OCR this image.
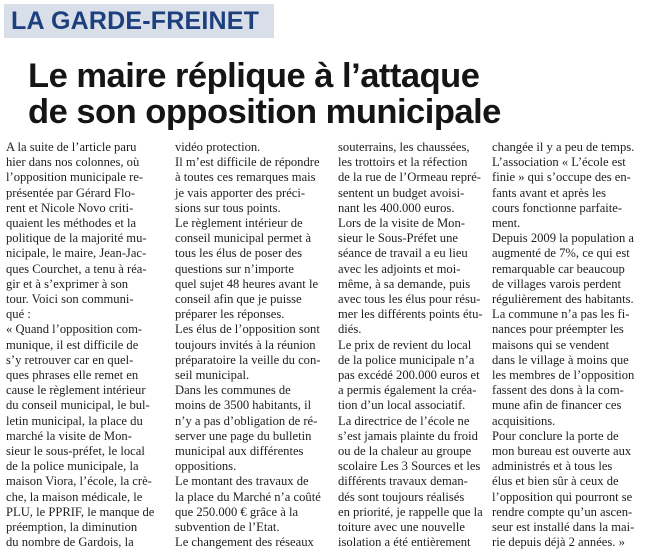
LA GARDE-FREINET
Le maire réplique à l’attaque
de son opposition municipale
A la suite de l’article paru
hier dans nos colonnes, où
l’opposition municipale re-
présentée par Gérard Flo-
rent et Nicole Novo criti-
quaient les méthodes et la
politique de la majorité mu-
nicipale, le maire, Jean-Jac-
ques Courchet, a tenu à réa-
gir et à s’exprimer à son
tour. Voici son communi-
qué :
« Quand l’opposition com-
munique, il est difficile de
s’y retrouver car en quel-
ques phrases elle remet en
cause le règlement intérieur
du conseil municipal, le bul-
letin municipal, la place du
marché la visite de Mon-
sieur le sous-préfet, le local
de la police municipale, la
maison Viora, l’école, la crè-
che, la maison médicale, le
PLU, le PPRIF, le manque de
préemption, la diminution
du nombre de Gardois, la
vidéo protection.
Il m’est difficile de répondre
à toutes ces remarques mais
je vais apporter des préci-
sions sur tous points.
Le règlement intérieur de
conseil municipal permet à
tous les élus de poser des
questions sur n’importe
quel sujet 48 heures avant le
conseil afin que je puisse
préparer les réponses.
Les élus de l’opposition sont
toujours invités à la réunion
préparatoire la veille du con-
seil municipal.
Dans les communes de
moins de 3500 habitants, il
n’y a pas d’obligation de ré-
server une page du bulletin
municipal aux différentes
oppositions.
Le montant des travaux de
la place du Marché n’a coûté
que 250.000 € grâce à la
subvention de l’Etat.
Le changement des réseaux
souterrains, les chaussées,
les trottoirs et la réfection
de la rue de l’Ormeau repré-
sentent un budget avoisi-
nant les 400.000 euros.
Lors de la visite de Mon-
sieur le Sous-Préfet une
séance de travail a eu lieu
avec les adjoints et moi-
même, à sa demande, puis
avec tous les élus pour résu-
mer les différents points étu-
diés.
Le prix de revient du local
de la police municipale n’a
pas excédé 200.000 euros et
a permis également la créa-
tion d’un local associatif.
La directrice de l’école ne
s’est jamais plainte du froid
ou de la chaleur au groupe
scolaire Les 3 Sources et les
différents travaux deman-
dés sont toujours réalisés
en priorité, je rappelle que la
toiture avec une nouvelle
isolation a été entièrement
changée il y a peu de temps.
L’association « L’école est
finie » qui s’occupe des en-
fants avant et après les
cours fonctionne parfaite-
ment.
Depuis 2009 la population a
augmenté de 7%, ce qui est
remarquable car beaucoup
de villages varois perdent
régulièrement des habitants.
La commune n’a pas les fi-
nances pour préempter les
maisons qui se vendent
dans le village à moins que
les membres de l’opposition
fassent des dons à la com-
mune afin de financer ces
acquisitions.
Pour conclure la porte de
mon bureau est ouverte aux
administrés et à tous les
élus et bien sûr à ceux de
l’opposition qui pourront se
rendre compte qu’un ascen-
seur est installé dans la mai-
rie depuis déjà 2 années. »
